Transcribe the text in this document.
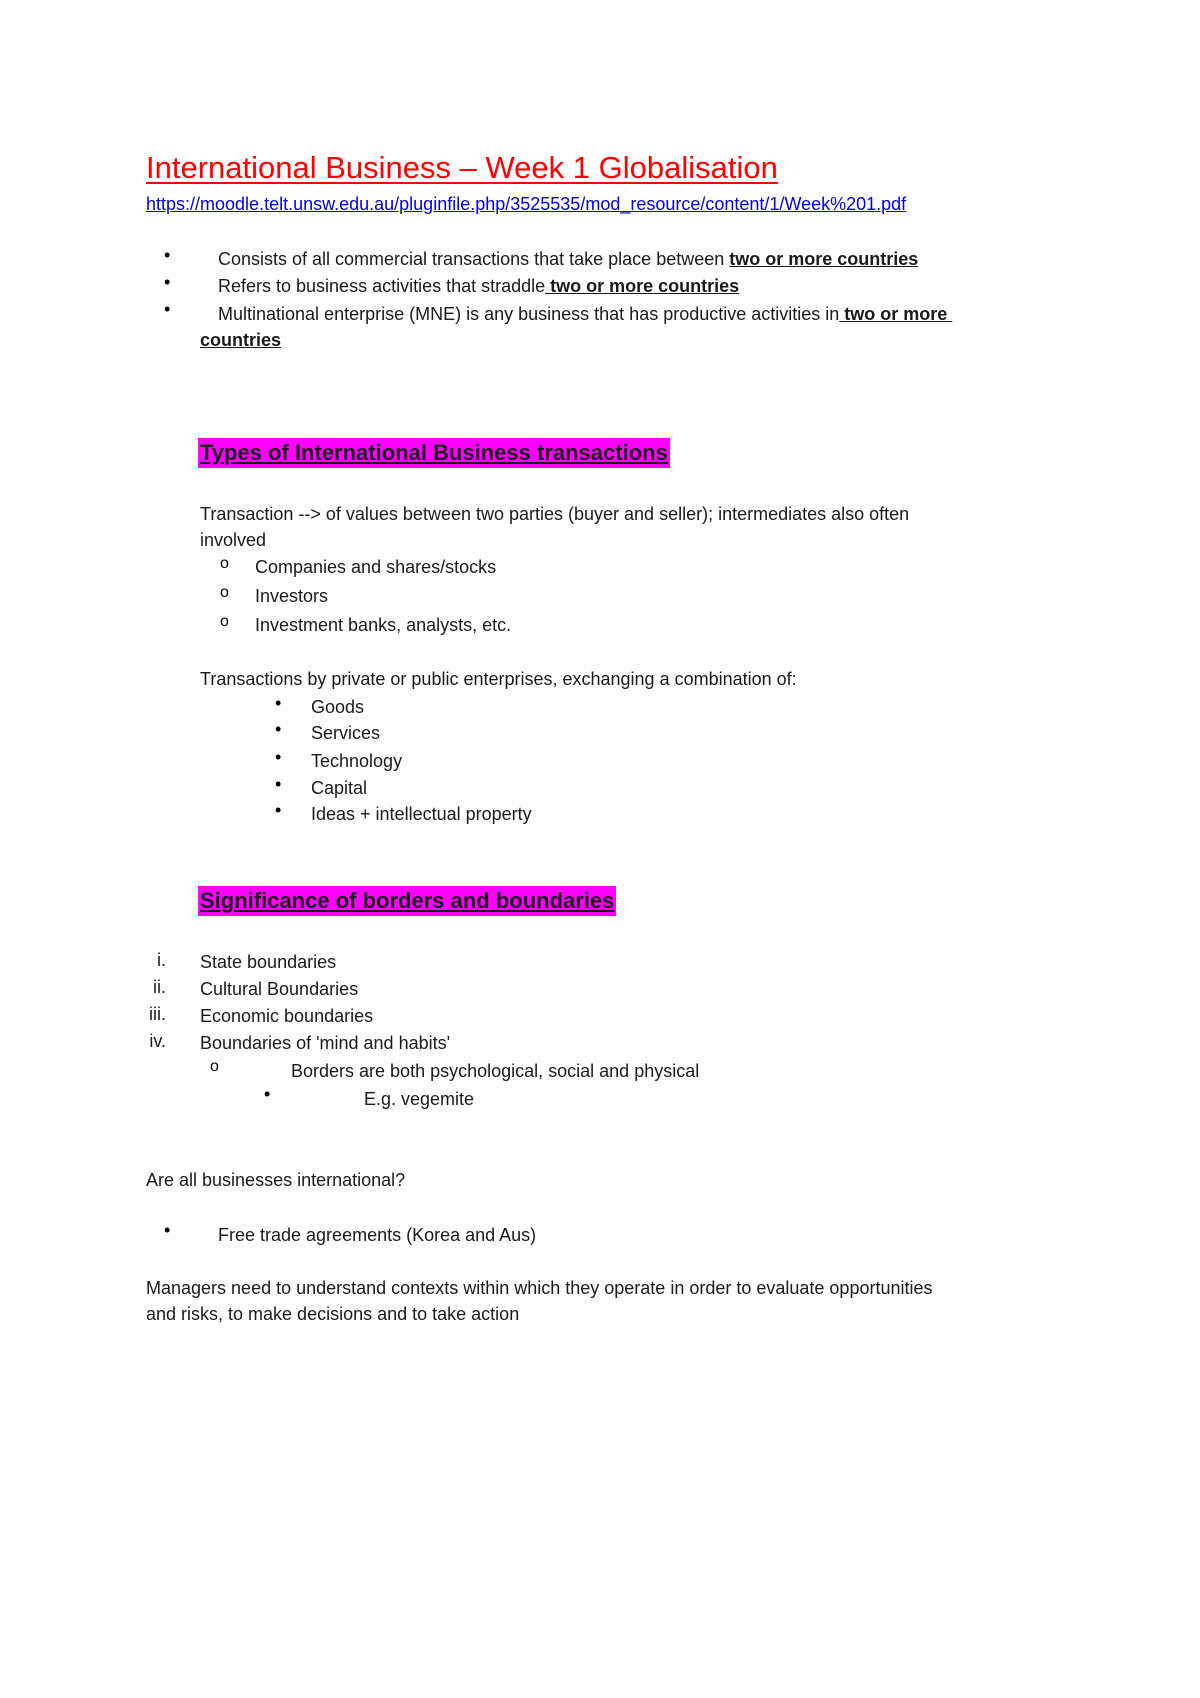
International Business – Week 1 Globalisation
https://moodle.telt.unsw.edu.au/pluginfile.php/3525535/mod_resource/content/1/Week%201.pdf
•	Consists of all commercial transactions that take place between two or more countries
•	Refers to business activities that straddle two or more countries
•	Multinational enterprise (MNE) is any business that has productive activities in two or more
countries
Types of International Business transactions
Transaction --> of values between two parties (buyer and seller); intermediates also often
involved
o Companies and shares/stocks
o Investors
o Investment banks, analysts, etc.
Transactions by private or public enterprises, exchanging a combination of:
• Goods
• Services
• Technology
• Capital
• Ideas + intellectual property
Significance of borders and boundaries
i. State boundaries
ii. Cultural Boundaries
iii. Economic boundaries
iv. Boundaries of 'mind and habits'
o	Borders are both psychological, social and physical
•	E.g. vegemite
Are all businesses international?
•	Free trade agreements (Korea and Aus)
Managers need to understand contexts within which they operate in order to evaluate opportunities
and risks, to make decisions and to take action
